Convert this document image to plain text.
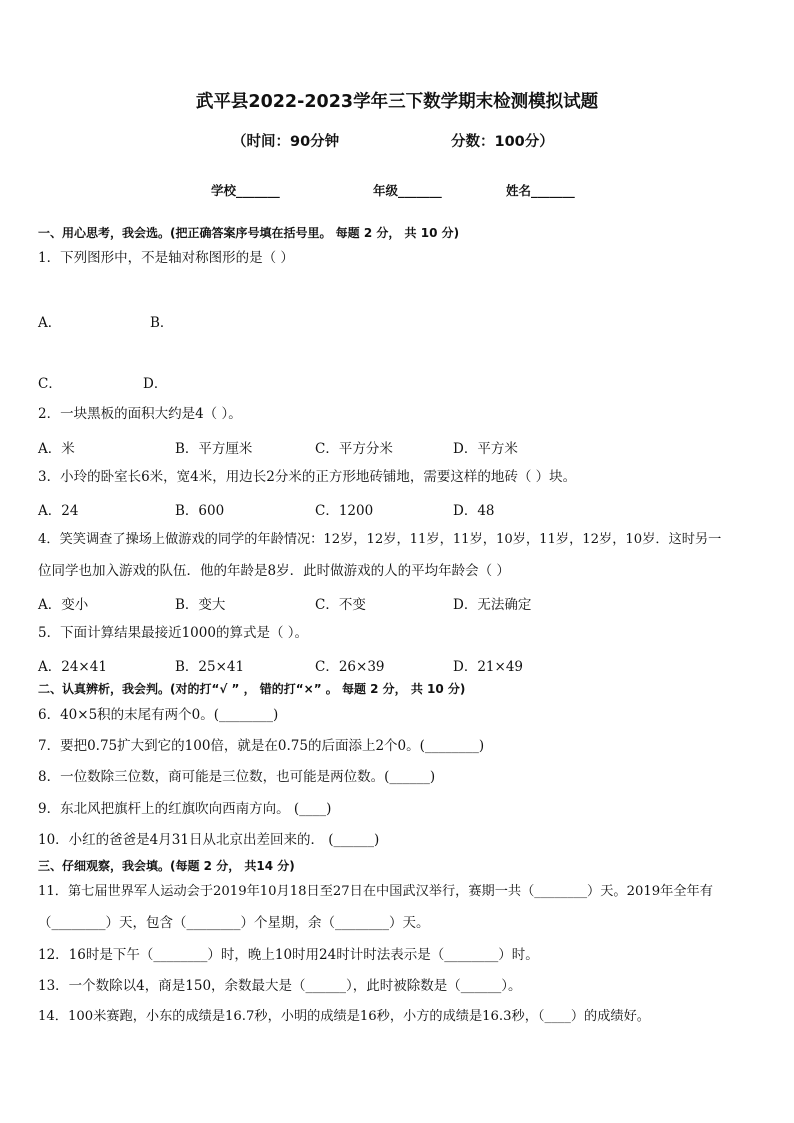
武平县2022-2023学年三下数学期末检测模拟试题
（时间：90分钟	分数：100分）
学校_______	年级_______	姓名_______
一、用心思考，我会选。(把正确答案序号填在括号里。 每题 2 分， 共 10 分)
1．下列图形中，不是轴对称图形的是（ ）
A．	B．
C．	D．
2．一块黑板的面积大约是4（ ）。
A．米	B．平方厘米	C．平方分米	D．平方米
3．小玲的卧室长6米，宽4米，用边长2分米的正方形地砖铺地，需要这样的地砖（ ）块。
A．24	B．600	C．1200	D．48
4．笑笑调查了操场上做游戏的同学的年龄情况：12岁，12岁，11岁，11岁，10岁，11岁，12岁，10岁．这时另一
位同学也加入游戏的队伍．他的年龄是8岁．此时做游戏的人的平均年龄会（ ）
A．变小	B．变大	C．不变	D．无法确定
5．下面计算结果最接近1000的算式是（ ）。
A．24×41	B．25×41	C．26×39	D．21×49
二、认真辨析，我会判。(对的打“√ ” ， 错的打“×” 。 每题 2 分， 共 10 分)
6．40×5积的末尾有两个0。(________)
7．要把0.75扩大到它的100倍，就是在0.75的后面添上2个0。(________)
8．一位数除三位数，商可能是三位数，也可能是两位数。(______)
9．东北风把旗杆上的红旗吹向西南方向。 (____)
10．小红的爸爸是4月31日从北京出差回来的． (______)
三、仔细观察，我会填。(每题 2 分， 共14 分)
11．第七届世界军人运动会于2019年10月18日至27日在中国武汉举行，赛期一共（________）天。2019年全年有
（________）天，包含（________）个星期，余（________）天。
12．16时是下午（________）时，晚上10时用24时计时法表示是（________）时。
13．一个数除以4，商是150，余数最大是（______），此时被除数是（______）。
14．100米赛跑，小东的成绩是16.7秒，小明的成绩是16秒，小方的成绩是16.3秒，（____）的成绩好。
